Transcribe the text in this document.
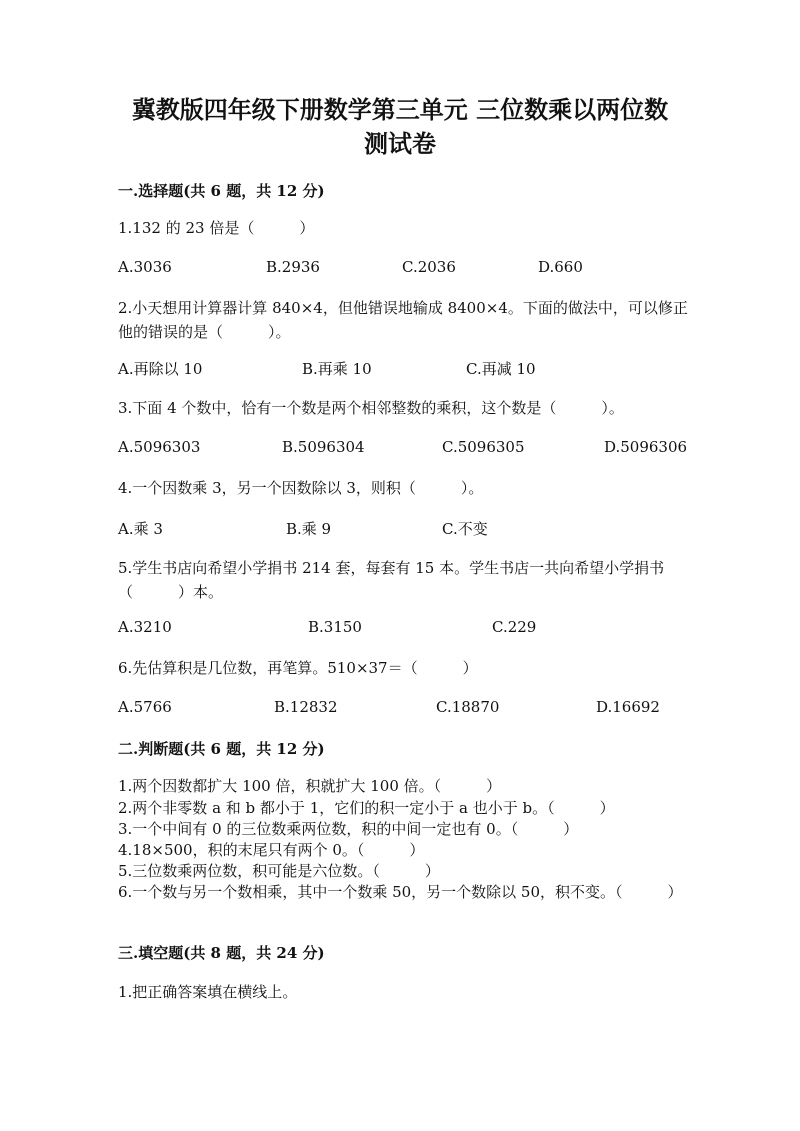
冀教版四年级下册数学第三单元 三位数乘以两位数
测试卷
一.选择题(共 6 题，共 12 分)
1.132 的 23 倍是（　　　）
A.3036	B.2936	C.2036	D.660
2.小天想用计算器计算 840×4，但他错误地输成 8400×4。下面的做法中，可以修正他的错误的是（　　　）。
A.再除以 10	B.再乘 10	C.再减 10
3.下面 4 个数中，恰有一个数是两个相邻整数的乘积，这个数是（　　　）。
A.5096303	B.5096304	C.5096305	D.5096306
4.一个因数乘 3，另一个因数除以 3，则积（　　　）。
A.乘 3	B.乘 9	C.不变
5.学生书店向希望小学捐书 214 套，每套有 15 本。学生书店一共向希望小学捐书（　　　）本。
A.3210	B.3150	C.229
6.先估算积是几位数，再笔算。510×37＝（　　　）
A.5766	B.12832	C.18870	D.16692
二.判断题(共 6 题，共 12 分)
1.两个因数都扩大 100 倍，积就扩大 100 倍。（　　　）
2.两个非零数 a 和 b 都小于 1，它们的积一定小于 a 也小于 b。（　　　）
3.一个中间有 0 的三位数乘两位数，积的中间一定也有 0。（　　　）
4.18×500，积的末尾只有两个 0。（　　　）
5.三位数乘两位数，积可能是六位数。（　　　）
6.一个数与另一个数相乘，其中一个数乘 50，另一个数除以 50，积不变。（　　　）
三.填空题(共 8 题，共 24 分)
1.把正确答案填在横线上。
